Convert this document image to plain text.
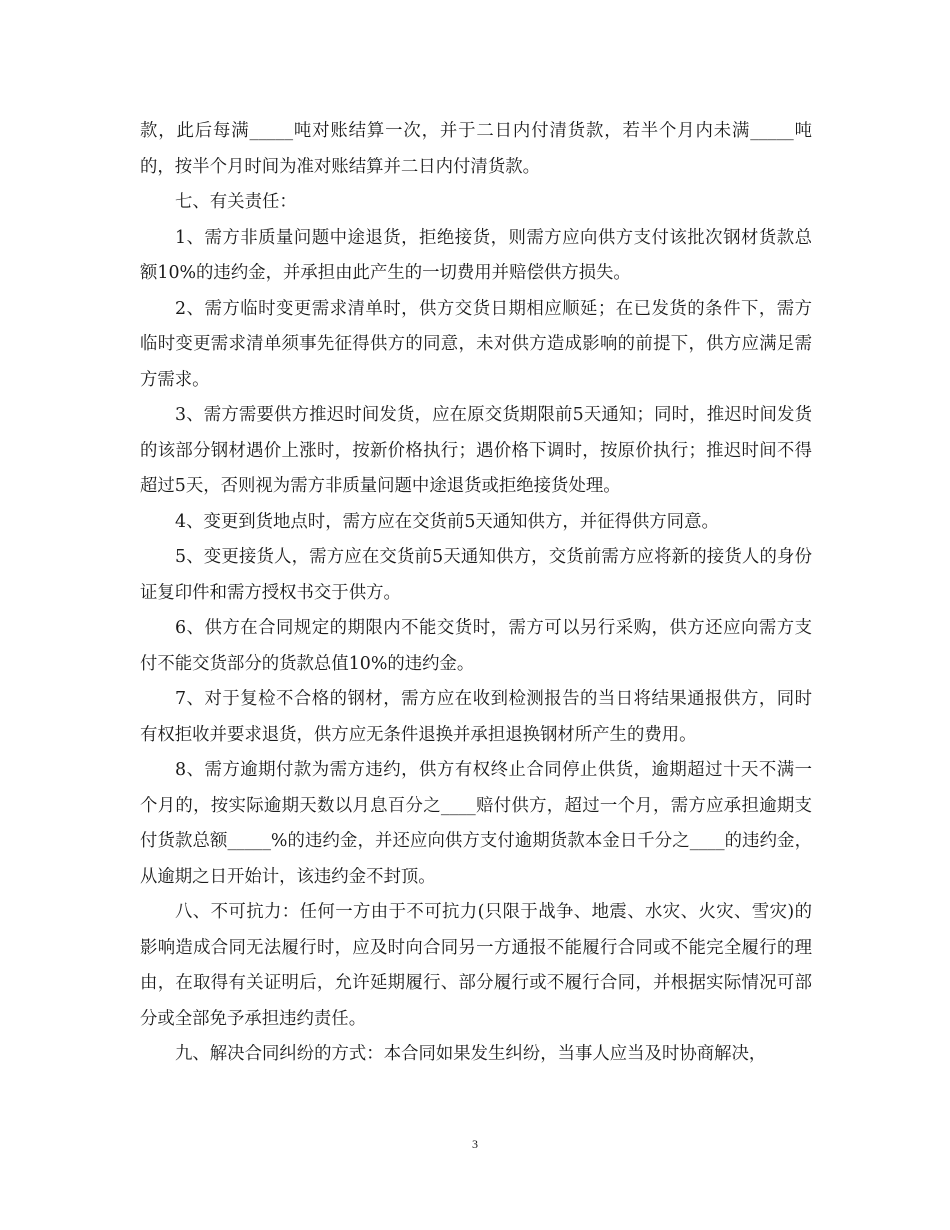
款，此后每满_____吨对账结算一次，并于二日内付清货款，若半个月内未满_____吨的，按半个月时间为准对账结算并二日内付清货款。

七、有关责任：

1、需方非质量问题中途退货，拒绝接货，则需方应向供方支付该批次钢材货款总额10%的违约金，并承担由此产生的一切费用并赔偿供方损失。

2、需方临时变更需求清单时，供方交货日期相应顺延；在已发货的条件下，需方临时变更需求清单须事先征得供方的同意，未对供方造成影响的前提下，供方应满足需方需求。

3、需方需要供方推迟时间发货，应在原交货期限前5天通知；同时，推迟时间发货的该部分钢材遇价上涨时，按新价格执行；遇价格下调时，按原价执行；推迟时间不得超过5天，否则视为需方非质量问题中途退货或拒绝接货处理。

4、变更到货地点时，需方应在交货前5天通知供方，并征得供方同意。

5、变更接货人，需方应在交货前5天通知供方，交货前需方应将新的接货人的身份证复印件和需方授权书交于供方。

6、供方在合同规定的期限内不能交货时，需方可以另行采购，供方还应向需方支付不能交货部分的货款总值10%的违约金。

7、对于复检不合格的钢材，需方应在收到检测报告的当日将结果通报供方，同时有权拒收并要求退货，供方应无条件退换并承担退换钢材所产生的费用。

8、需方逾期付款为需方违约，供方有权终止合同停止供货，逾期超过十天不满一个月的，按实际逾期天数以月息百分之____赔付供方，超过一个月，需方应承担逾期支付货款总额_____%的违约金，并还应向供方支付逾期货款本金日千分之____的违约金，从逾期之日开始计，该违约金不封顶。

八、不可抗力：任何一方由于不可抗力(只限于战争、地震、水灾、火灾、雪灾)的影响造成合同无法履行时，应及时向合同另一方通报不能履行合同或不能完全履行的理由，在取得有关证明后，允许延期履行、部分履行或不履行合同，并根据实际情况可部分或全部免予承担违约责任。

九、解决合同纠纷的方式：本合同如果发生纠纷，当事人应当及时协商解决，

3
